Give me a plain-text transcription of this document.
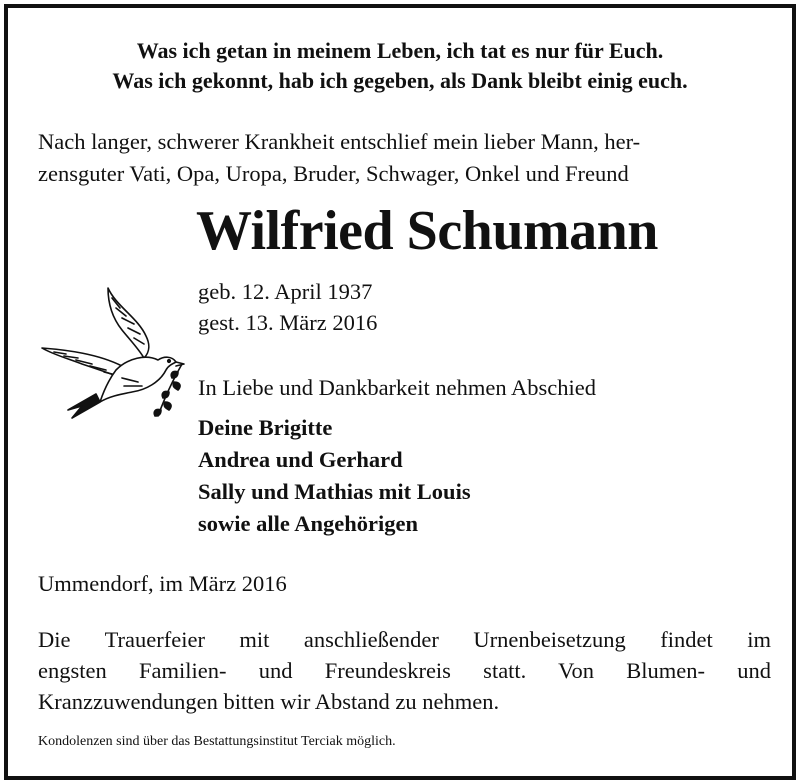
Was ich getan in meinem Leben, ich tat es nur für Euch.
Was ich gekonnt, hab ich gegeben, als Dank bleibt einig euch.
Nach langer, schwerer Krankheit entschlief mein lieber Mann, her-
zensguter Vati, Opa, Uropa, Bruder, Schwager, Onkel und Freund
Wilfried Schumann
geb. 12. April 1937
gest. 13. März 2016
In Liebe und Dankbarkeit nehmen Abschied
Deine Brigitte
Andrea und Gerhard
Sally und Mathias mit Louis
sowie alle Angehörigen
Ummendorf, im März 2016
Die Trauerfeier mit anschließender Urnenbeisetzung findet im
engsten Familien- und Freundeskreis statt. Von Blumen- und
Kranzzuwendungen bitten wir Abstand zu nehmen.
Kondolenzen sind über das Bestattungsinstitut Terciak möglich.
